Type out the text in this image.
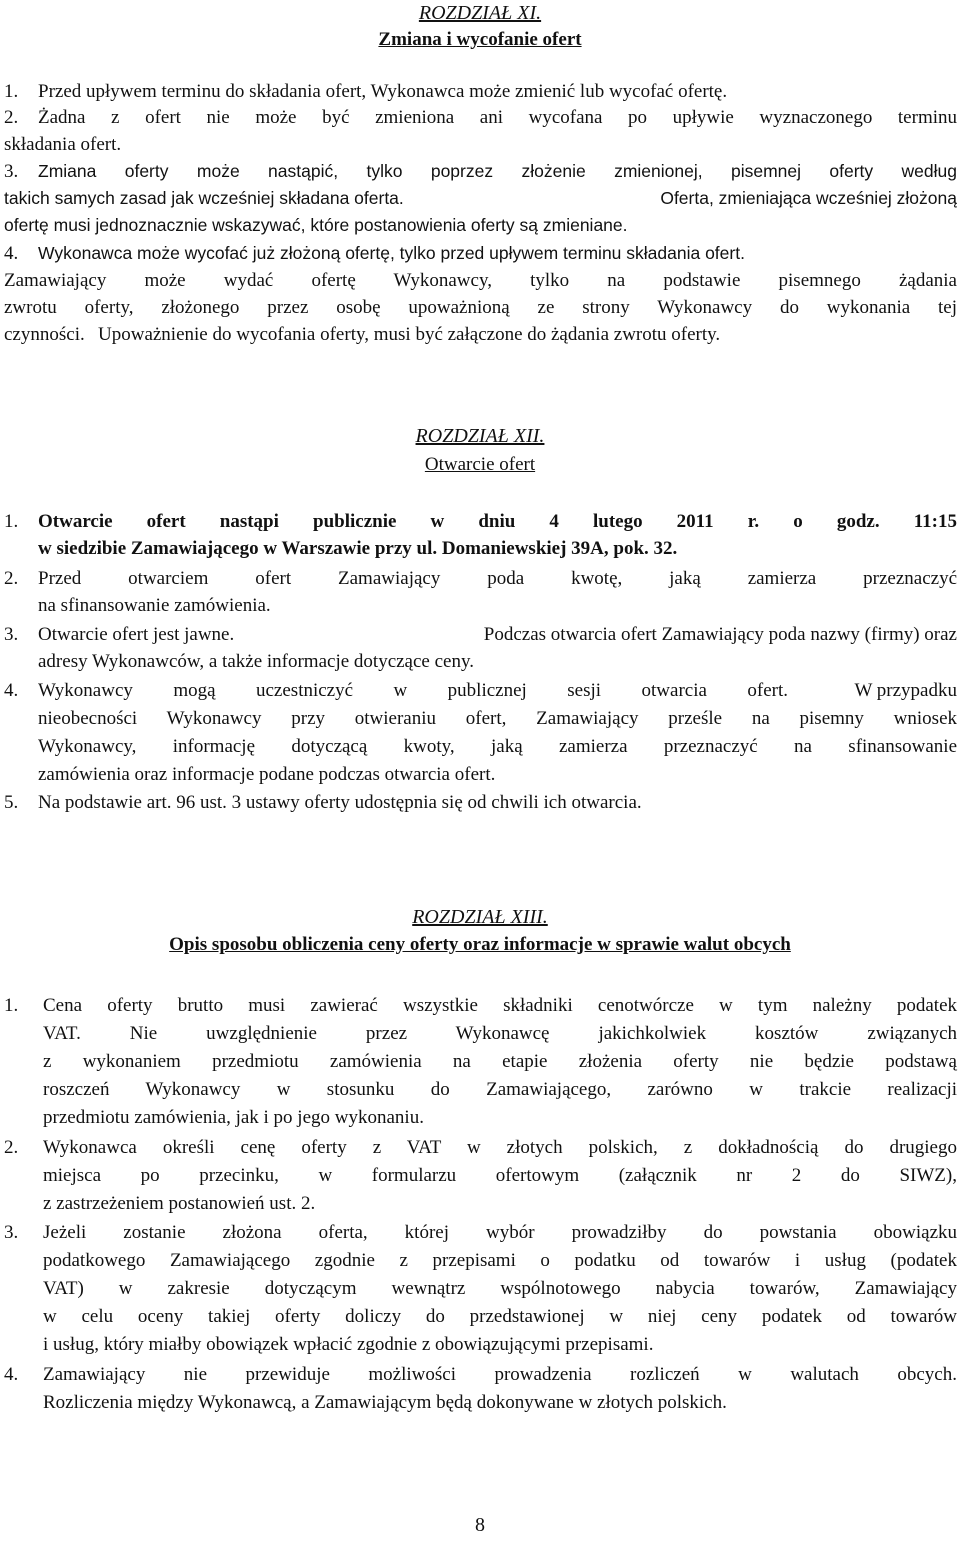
ROZDZIAŁ XI.
Zmiana i wycofanie ofert
1. Przed upływem terminu do składania ofert, Wykonawca może zmienić lub wycofać ofertę.
2. Żadna z ofert nie może być zmieniona ani wycofana po upływie wyznaczonego terminu
składania ofert.
3. Zmiana oferty może nastąpić, tylko poprzez złożenie zmienionej, pisemnej oferty według
takich samych zasad jak wcześniej składana oferta.	Oferta, zmieniająca wcześniej złożoną
ofertę musi jednoznacznie wskazywać, które postanowienia oferty są zmieniane.
4. Wykonawca może wycofać już złożoną ofertę, tylko przed upływem terminu składania ofert.
Zamawiający może wydać ofertę Wykonawcy, tylko na podstawie pisemnego żądania
zwrotu oferty, złożonego przez osobę upoważnioną ze strony Wykonawcy do wykonania tej
czynności. Upoważnienie do wycofania oferty, musi być załączone do żądania zwrotu oferty.
ROZDZIAŁ XII.
Otwarcie ofert
1. Otwarcie ofert nastąpi publicznie w dniu 4 lutego 2011 r. o godz. 11:15
w siedzibie Zamawiającego w Warszawie przy ul. Domaniewskiej 39A, pok. 32.
2. Przed otwarciem ofert Zamawiający poda kwotę, jaką zamierza przeznaczyć
na sfinansowanie zamówienia.
3. Otwarcie ofert jest jawne.	Podczas otwarcia ofert Zamawiający poda nazwy (firmy) oraz
adresy Wykonawców, a także informacje dotyczące ceny.
4. Wykonawcy mogą uczestniczyć w publicznej sesji otwarcia ofert.	W przypadku
nieobecności Wykonawcy przy otwieraniu ofert, Zamawiający prześle na pisemny wniosek
Wykonawcy, informację dotyczącą kwoty, jaką zamierza przeznaczyć na sfinansowanie
zamówienia oraz informacje podane podczas otwarcia ofert.
5. Na podstawie art. 96 ust. 3 ustawy oferty udostępnia się od chwili ich otwarcia.
ROZDZIAŁ XIII.
Opis sposobu obliczenia ceny oferty oraz informacje w sprawie walut obcych
1. Cena oferty brutto musi zawierać wszystkie składniki cenotwórcze w tym należny podatek
VAT. Nie uwzględnienie przez Wykonawcę jakichkolwiek kosztów związanych
z wykonaniem przedmiotu zamówienia na etapie złożenia oferty nie będzie podstawą
roszczeń Wykonawcy w stosunku do Zamawiającego, zarówno w trakcie realizacji
przedmiotu zamówienia, jak i po jego wykonaniu.
2. Wykonawca określi cenę oferty z VAT w złotych polskich, z dokładnością do drugiego
miejsca po przecinku, w formularzu ofertowym (załącznik nr 2 do SIWZ),
z zastrzeżeniem postanowień ust. 2.
3. Jeżeli zostanie złożona oferta, której wybór prowadziłby do powstania obowiązku
podatkowego Zamawiającego zgodnie z przepisami o podatku od towarów i usług (podatek
VAT) w zakresie dotyczącym wewnątrz wspólnotowego nabycia towarów, Zamawiający
w celu oceny takiej oferty doliczy do przedstawionej w niej ceny podatek od towarów
i usług, który miałby obowiązek wpłacić zgodnie z obowiązującymi przepisami.
4. Zamawiający nie przewiduje możliwości prowadzenia rozliczeń w walutach obcych.
Rozliczenia między Wykonawcą, a Zamawiającym będą dokonywane w złotych polskich.
8
